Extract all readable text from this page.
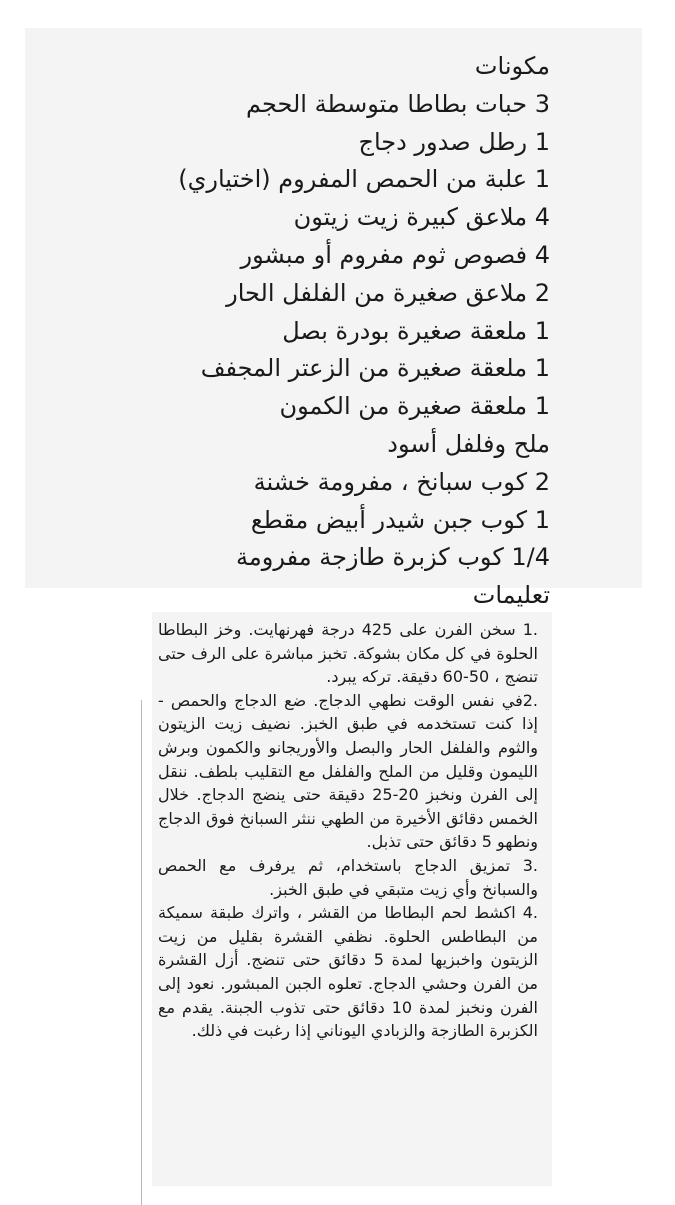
مكونات
3 حبات بطاطا متوسطة الحجم
1 رطل صدور دجاج
1 علبة من الحمص المفروم (اختياري)
4 ملاعق كبيرة زيت زيتون
4 فصوص ثوم مفروم أو مبشور
2 ملاعق صغيرة من الفلفل الحار
1 ملعقة صغيرة بودرة بصل
1 ملعقة صغيرة من الزعتر المجفف
1 ملعقة صغيرة من الكمون
ملح وفلفل أسود
2 كوب سبانخ ، مفرومة خشنة
1 كوب جبن شيدر أبيض مقطع
1/4 كوب كزبرة طازجة مفرومة
تعليمات

.1 سخن الفرن على 425 درجة فهرنهايت. وخز البطاطا الحلوة في كل مكان بشوكة. تخبز مباشرة على الرف حتى تنضج ، 50-60 دقيقة. تركه يبرد.

.2في نفس الوقت نطهي الدجاج. ضع الدجاج والحمص - إذا كنت تستخدمه في طبق الخبز. نضيف زيت الزيتون والثوم والفلفل الحار والبصل والأوريجانو والكمون وبرش الليمون وقليل من الملح والفلفل مع التقليب بلطف. ننقل إلى الفرن ونخبز 20-25 دقيقة حتى ينضج الدجاج. خلال الخمس دقائق الأخيرة من الطهي ننثر السبانخ فوق الدجاج ونطهو 5 دقائق حتى تذبل.

.3 تمزيق الدجاج باستخدام، ثم يرفرف مع الحمص والسبانخ وأي زيت متبقي في طبق الخبز.

.4 اكشط لحم البطاطا من القشر ، واترك طبقة سميكة من البطاطس الحلوة. نظفي القشرة بقليل من زيت الزيتون واخبزيها لمدة 5 دقائق حتى تنضج. أزل القشرة من الفرن وحشي الدجاج. تعلوه الجبن المبشور. نعود إلى الفرن ونخبز لمدة 10 دقائق حتى تذوب الجبنة. يقدم مع الكزبرة الطازجة والزبادي اليوناني إذا رغبت في ذلك.
